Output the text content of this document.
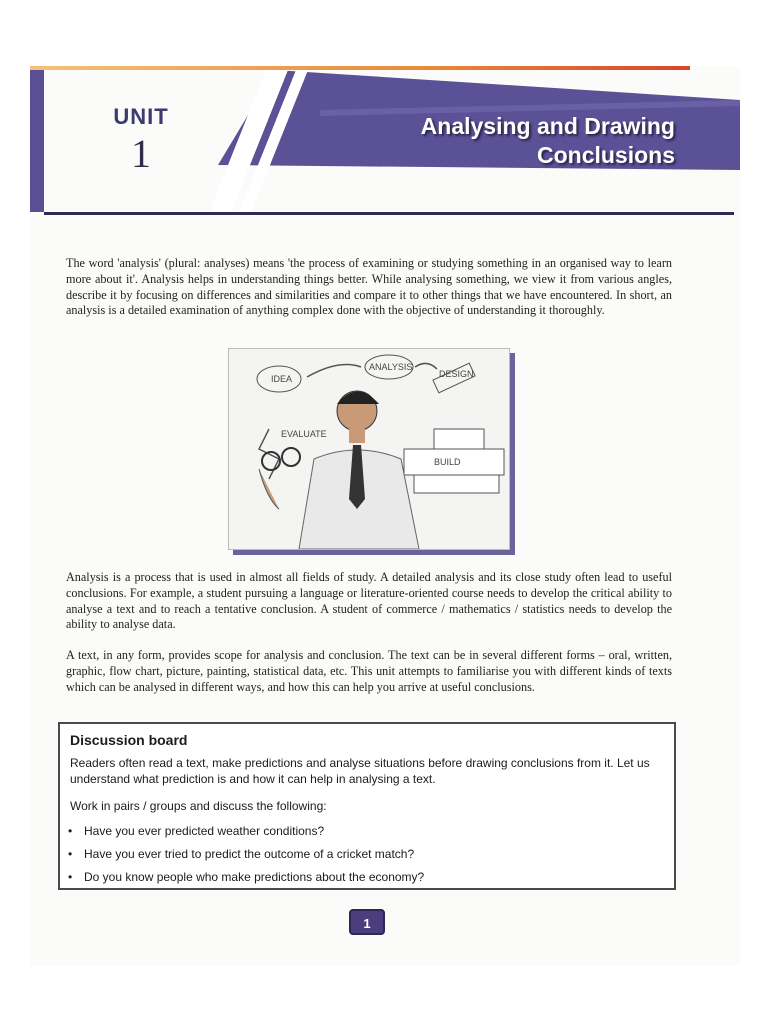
UNIT
1
Analysing and Drawing
Conclusions

The word 'analysis' (plural: analyses) means 'the process of examining or studying something in an organised way to learn more about it'. Analysis helps in understanding things better. While analysing something, we view it from various angles, describe it by focusing on differences and similarities and compare it to other things that we have encountered. In short, an analysis is a detailed examination of anything complex done with the objective of understanding it thoroughly.

IDEA
ANALYSIS
DESIGN
EVALUATE
BUILD

Analysis is a process that is used in almost all fields of study. A detailed analysis and its close study often lead to useful conclusions. For example, a student pursuing a language or literature-oriented course needs to develop the critical ability to analyse a text and to reach a tentative conclusion. A student of commerce / mathematics / statistics needs to develop the ability to analyse data.

A text, in any form, provides scope for analysis and conclusion. The text can be in several different forms – oral, written, graphic, flow chart, picture, painting, statistical data, etc. This unit attempts to familiarise you with different kinds of texts which can be analysed in different ways, and how this can help you arrive at useful conclusions.

Discussion board

Readers often read a text, make predictions and analyse situations before drawing conclusions from it. Let us understand what prediction is and how it can help in analysing a text.

Work in pairs / groups and discuss the following:
• Have you ever predicted weather conditions?
• Have you ever tried to predict the outcome of a cricket match?
• Do you know people who make predictions about the economy?
1
